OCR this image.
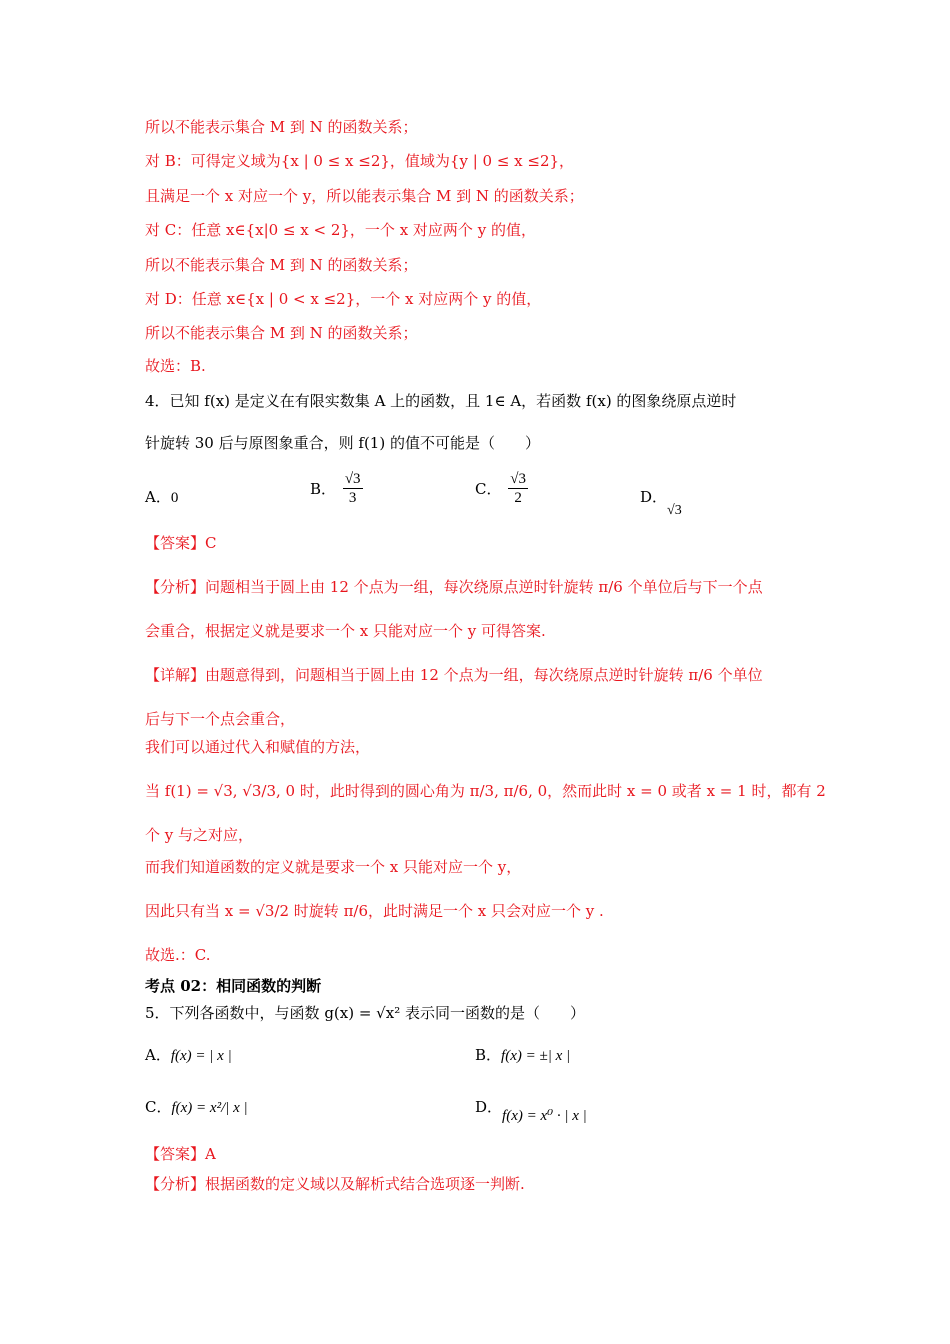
所以不能表示集合 M 到 N 的函数关系；
对 B：可得定义域为{x | 0 ≤ x ≤2}，值域为{y | 0 ≤ x ≤2}，
且满足一个 x 对应一个 y，所以能表示集合 M 到 N 的函数关系；
对 C：任意 x∈{x|0 ≤ x < 2}，一个 x 对应两个 y 的值，
所以不能表示集合 M 到 N 的函数关系；
对 D：任意 x∈{x | 0 < x ≤2}，一个 x 对应两个 y 的值，
所以不能表示集合 M 到 N 的函数关系；
故选：B.
4．已知 f(x) 是定义在有限实数集 A 上的函数，且 1∈ A，若函数 f(x) 的图象绕原点逆时
针旋转 30 后与原图象重合，则 f(1) 的值不可能是（　　）
A．0	B． $\frac{√3}{3}$	C． $\frac{√3}{2}$	D．√3
【答案】C
【分析】问题相当于圆上由 12 个点为一组，每次绕原点逆时针旋转 π/6 个单位后与下一个点
会重合，根据定义就是要求一个 x 只能对应一个 y 可得答案.
【详解】由题意得到，问题相当于圆上由 12 个点为一组，每次绕原点逆时针旋转 π/6 个单位
后与下一个点会重合，
我们可以通过代入和赋值的方法，
当 f(1) = √3, √3/3, 0 时，此时得到的圆心角为 π/3, π/6, 0，然而此时 x = 0 或者 x = 1 时，都有 2
个 y 与之对应，
而我们知道函数的定义就是要求一个 x 只能对应一个 y，
因此只有当 x = √3/2 时旋转 π/6，此时满足一个 x 只会对应一个 y .
故选.：C.
考点 02：相同函数的判断
5．下列各函数中，与函数 g(x) = √x² 表示同一函数的是（　　）
A．f(x) = | x |	B．f(x) = ±| x |
C．f(x) = x²/| x |	D．f(x) = x⁰ · | x |
【答案】A
【分析】根据函数的定义域以及解析式结合选项逐一判断.
